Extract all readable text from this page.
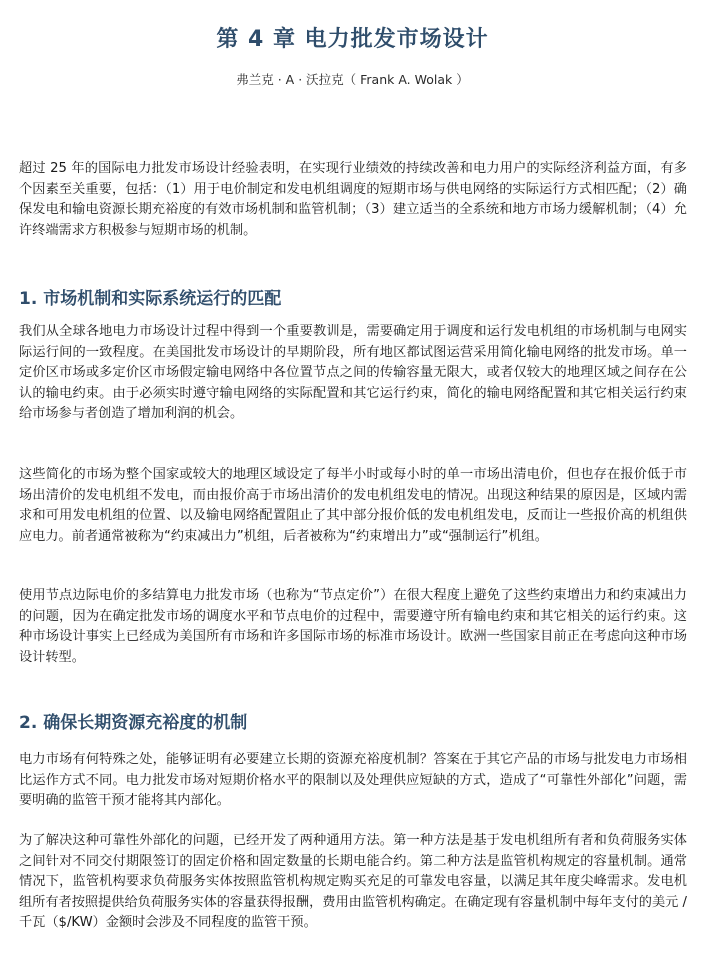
第 4 章 电力批发市场设计

弗兰克 · A · 沃拉克（ Frank A. Wolak ）

超过 25 年的国际电力批发市场设计经验表明，在实现行业绩效的持续改善和电力用户的实际经济利益方面，有多个因素至关重要，包括：（1）用于电价制定和发电机组调度的短期市场与供电网络的实际运行方式相匹配；（2）确保发电和输电资源长期充裕度的有效市场机制和监管机制；（3）建立适当的全系统和地方市场力缓解机制；（4）允许终端需求方积极参与短期市场的机制。

1. 市场机制和实际系统运行的匹配

我们从全球各地电力市场设计过程中得到一个重要教训是，需要确定用于调度和运行发电机组的市场机制与电网实际运行间的一致程度。在美国批发市场设计的早期阶段，所有地区都试图运营采用简化输电网络的批发市场。单一定价区市场或多定价区市场假定输电网络中各位置节点之间的传输容量无限大，或者仅较大的地理区域之间存在公认的输电约束。由于必须实时遵守输电网络的实际配置和其它运行约束，简化的输电网络配置和其它相关运行约束给市场参与者创造了增加利润的机会。

这些简化的市场为整个国家或较大的地理区域设定了每半小时或每小时的单一市场出清电价，但也存在报价低于市场出清价的发电机组不发电，而由报价高于市场出清价的发电机组发电的情况。出现这种结果的原因是，区域内需求和可用发电机组的位置、以及输电网络配置阻止了其中部分报价低的发电机组发电，反而让一些报价高的机组供应电力。前者通常被称为“约束减出力”机组，后者被称为“约束增出力”或“强制运行”机组。

使用节点边际电价的多结算电力批发市场（也称为“节点定价”）在很大程度上避免了这些约束增出力和约束减出力的问题，因为在确定批发市场的调度水平和节点电价的过程中，需要遵守所有输电约束和其它相关的运行约束。这种市场设计事实上已经成为美国所有市场和许多国际市场的标准市场设计。欧洲一些国家目前正在考虑向这种市场设计转型。

2. 确保长期资源充裕度的机制

电力市场有何特殊之处，能够证明有必要建立长期的资源充裕度机制？答案在于其它产品的市场与批发电力市场相比运作方式不同。电力批发市场对短期价格水平的限制以及处理供应短缺的方式，造成了“可靠性外部化”问题，需要明确的监管干预才能将其内部化。

为了解决这种可靠性外部化的问题，已经开发了两种通用方法。第一种方法是基于发电机组所有者和负荷服务实体之间针对不同交付期限签订的固定价格和固定数量的长期电能合约。第二种方法是监管机构规定的容量机制。通常情况下，监管机构要求负荷服务实体按照监管机构规定购买充足的可靠发电容量，以满足其年度尖峰需求。发电机组所有者按照提供给负荷服务实体的容量获得报酬，费用由监管机构确定。在确定现有容量机制中每年支付的美元 / 千瓦（$/KW）金额时会涉及不同程度的监管干预。
